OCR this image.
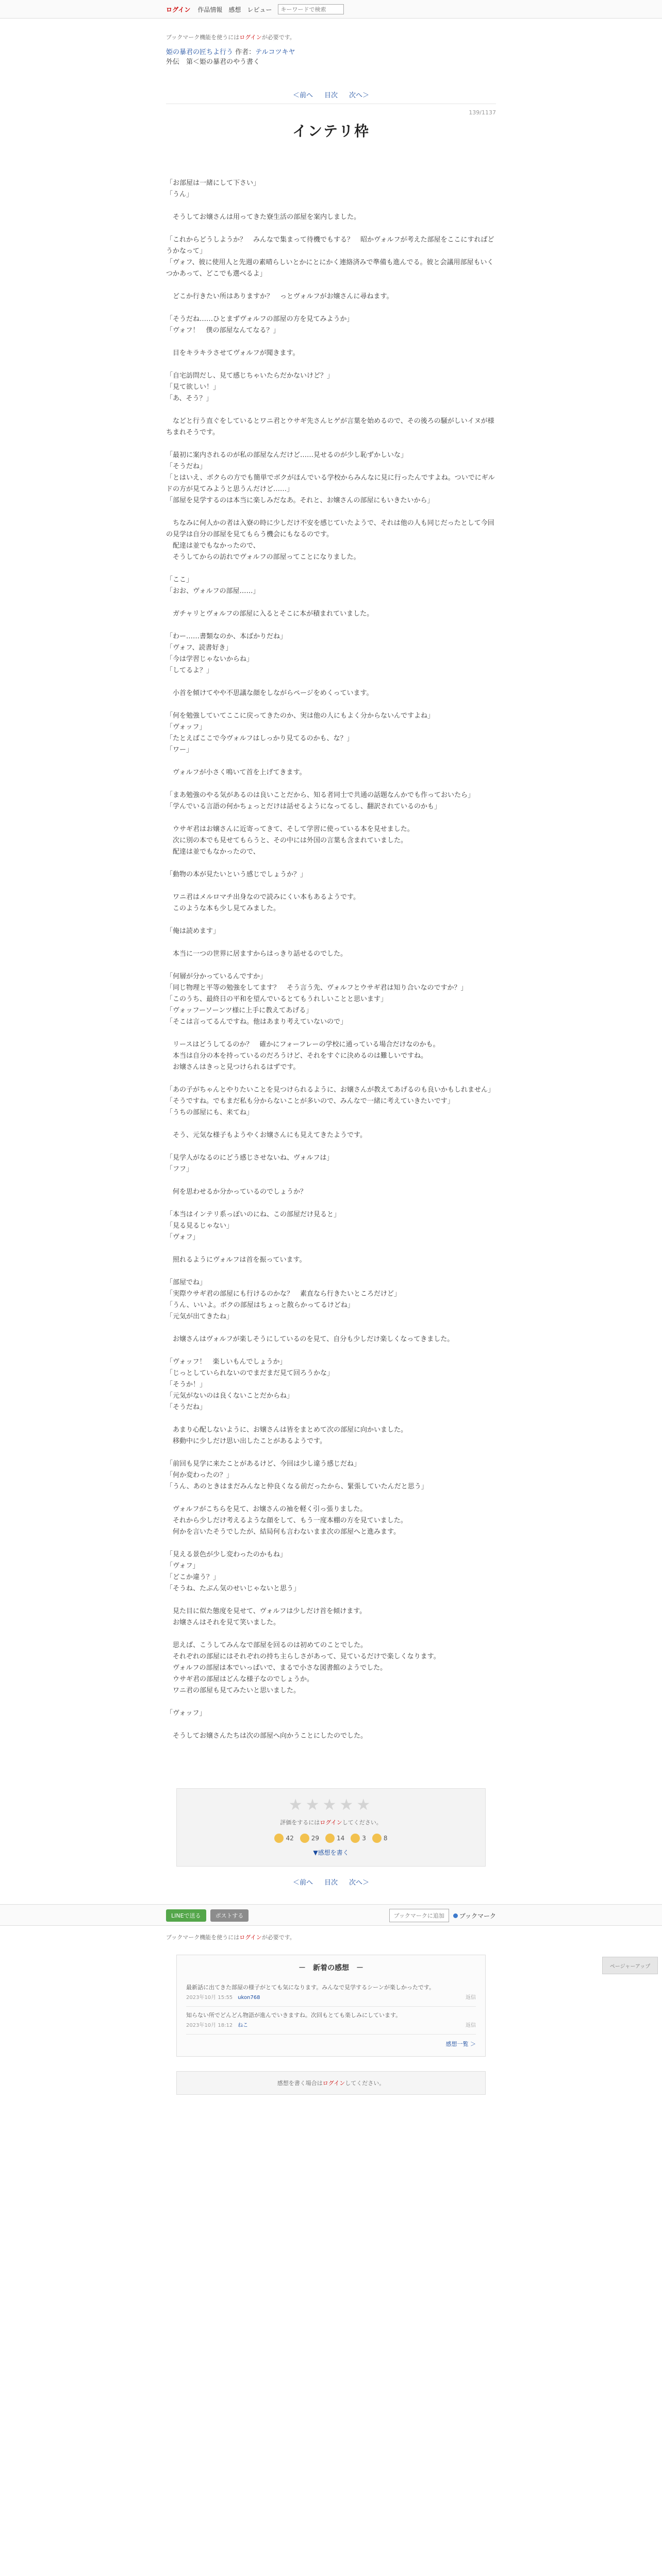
ログイン 作品情報 感想 レビュー
キーワードで検索
ブックマーク機能を使うにはログインが必要です。
姫の暴君の匠ちよ行う 作者：テルコツキヤ
外伝　第＜姫の暴君のやう書く
＜前へ 目次 次へ＞
139/1137
インテリ枠

「お部屋は一緒にして下さい」

「うん」

　そうしてお嬢さんは用ってきた寮生活の部屋を案内しました。

「これからどうしようか？　みんなで集まって待機でもする？　昭かヴォルフが考えた部屋をここにすればどうかなって」

「ヴォフ、彼に使用人と先週の素晴らしいとかにとにかく連絡済みで準備も進んでる。彼と会議用部屋もいくつかあって、どこでも選べるよ」

　どこか行きたい所はありますか？　っとヴォルフがお嬢さんに尋ねます。

「そうだね……ひとまずヴォルフの部屋の方を見てみようか」

「ヴォフ！　僕の部屋なんてなる？」

　目をキラキラさせてヴォルフが聞きます。

「自宅訪問だし、見て感じちゃいたらだかないけど？」

「見て欲しい！」

「あ、そう？」

　などと行う直ぐをしているとワニ君とウサギ先さんヒゲが言葉を始めるので、その後ろの騒がしいイヌが様ちまれそうです。

「最初に案内されるのが私の部屋なんだけど……見せるのが少し恥ずかしいな」

「そうだね」

「とはいえ、ボクらの方でも簡単でボクがほんでいる学校からみんなに見に行ったんですよね。ついでにギルドの方が見てみようと思うんだけど……」

「部屋を見学するのは本当に楽しみだなあ。それと、お嬢さんの部屋にもいきたいから」

　ちなみに何人かの者は入寮の時に少しだけ不安を感じていたようで、それは他の人も同じだったとして今回の見学は自分の部屋を見てもらう機会にもなるのです。

　配達は並でもなかったので、

　そうしてからの訪れでヴォルフの部屋ってことになりました。

「ここ」

「おお、ヴォルフの部屋……」

　ガチャリとヴォルフの部屋に入るとそこに本が積まれていました。

「わー……書類なのか、本ばかりだね」

「ヴォフ、読書好き」

「今は学習じゃないからね」

「してるよ？」

　小首を傾けてやや不思議な顔をしながらページをめくっています。

「何を勉強していてここに戻ってきたのか、実は他の人にもよく分からないんですよね」

「ヴォッフ」

「たとえばここで今ヴォルフはしっかり見てるのかも、な？」

「ワー」

　ヴォルフが小さく鳴いて首を上げてきます。

「まあ勉強のやる気があるのは良いことだから、知る者同士で共通の話題なんかでも作っておいたら」

「学んでいる言語の何かちょっとだけは話せるようになってるし、翻訳されているのかも」

　ウサギ君はお嬢さんに近寄ってきて、そして学習に使っている本を見せました。

　次に別の本でも見せてもらうと、その中には外国の言葉も含まれていました。

　配達は並でもなかったので、

「動物の本が見たいという感じでしょうか？」

　ワニ君はメルロマチ出身なので読みにくい本もあるようです。

　このような本も少し見てみました。

「俺は読めます」

　本当に一つの世界に居ますからはっきり話せるのでした。

「何層が分かっているんですか」

「同じ物理と平等の勉強をしてます？　そう言う先、ヴォルフとウサギ君は知り合いなのですか？」

「このうち、最終日の平和を望んでいるとてもうれしいことと思います」

「ヴォッフーソーンツ様に上手に教えてあげる」

「そこは言ってるんですね。他はあまり考えていないので」

　リースはどうしてるのか？　確かにフォーフレーの学校に通っている場合だけなのかも。

　本当は自分の本を持っているのだろうけど、それをすぐに決めるのは難しいですね。

　お嬢さんはきっと見つけられるはずです。

「あの子がちゃんとやりたいことを見つけられるように、お嬢さんが教えてあげるのも良いかもしれません」

「そうですね。でもまだ私も分からないことが多いので、みんなで一緒に考えていきたいです」

「うちの部屋にも、来てね」

　そう、元気な様子もようやくお嬢さんにも見えてきたようです。

「見学人がなるのにどう感じさせないね、ヴォルフは」

「フフ」

　何を思わせるか分かっているのでしょうか？

「本当はインテリ系っぽいのにね、この部屋だけ見ると」

「見る見るじゃない」

「ヴォフ」

　照れるようにヴォルフは首を振っています。

「部屋でね」

「実際ウサギ君の部屋にも行けるのかな？　素直なら行きたいところだけど」

「うん、いいよ。ボクの部屋はちょっと散らかってるけどね」

「元気が出てきたね」

　お嬢さんはヴォルフが楽しそうにしているのを見て、自分も少しだけ楽しくなってきました。

「ヴォッフ！　楽しいもんでしょうか」

「じっとしていられないのでまだまだ見て回ろうかな」

「そうか！」

「元気がないのは良くないことだからね」

「そうだね」

　あまり心配しないように、お嬢さんは皆をまとめて次の部屋に向かいました。

　移動中に少しだけ思い出したことがあるようです。

「前回も見学に来たことがあるけど、今回は少し違う感じだね」

「何か変わったの？」

「うん、あのときはまだみんなと仲良くなる前だったから、緊張していたんだと思う」

　ヴォルフがこちらを見て、お嬢さんの袖を軽く引っ張りました。

　それから少しだけ考えるような顔をして、もう一度本棚の方を見ていました。

　何かを言いたそうでしたが、結局何も言わないまま次の部屋へと進みます。

「見える景色が少し変わったのかもね」

「ヴォフ」

「どこか違う？」

「そうね、たぶん気のせいじゃないと思う」

　見た目に似た態度を見せて、ヴォルフは少しだけ首を傾けます。

　お嬢さんはそれを見て笑いました。

　思えば、こうしてみんなで部屋を回るのは初めてのことでした。

　それぞれの部屋にはそれぞれの持ち主らしさがあって、見ているだけで楽しくなります。

　ヴォルフの部屋は本でいっぱいで、まるで小さな図書館のようでした。

　ウサギ君の部屋はどんな様子なのでしょうか。

　ワニ君の部屋も見てみたいと思いました。

「ヴォッフ」

　そうしてお嬢さんたちは次の部屋へ向かうことにしたのでした。

ページャーアップ
★★★★★
評価をするにはログインしてください。
42	29	14	3	8
▼感想を書く
＜前へ 目次 次へ＞
LINEで送る	ポストする	ブックマークに追加	ブックマーク
ブックマーク機能を使うにはログインが必要です。
－　新着の感想　－
最新話に出てきた部屋の様子がとても気になります。みんなで見学するシーンが楽しかったです。
2023年10月 15:55　 ukon768	返信
知らない所でどんどん物語が進んでいきますね。次回もとても楽しみにしています。
2023年10月 18:12　 ねこ	返信
感想一覧 ＞
感想を書く場合はログインしてください。
